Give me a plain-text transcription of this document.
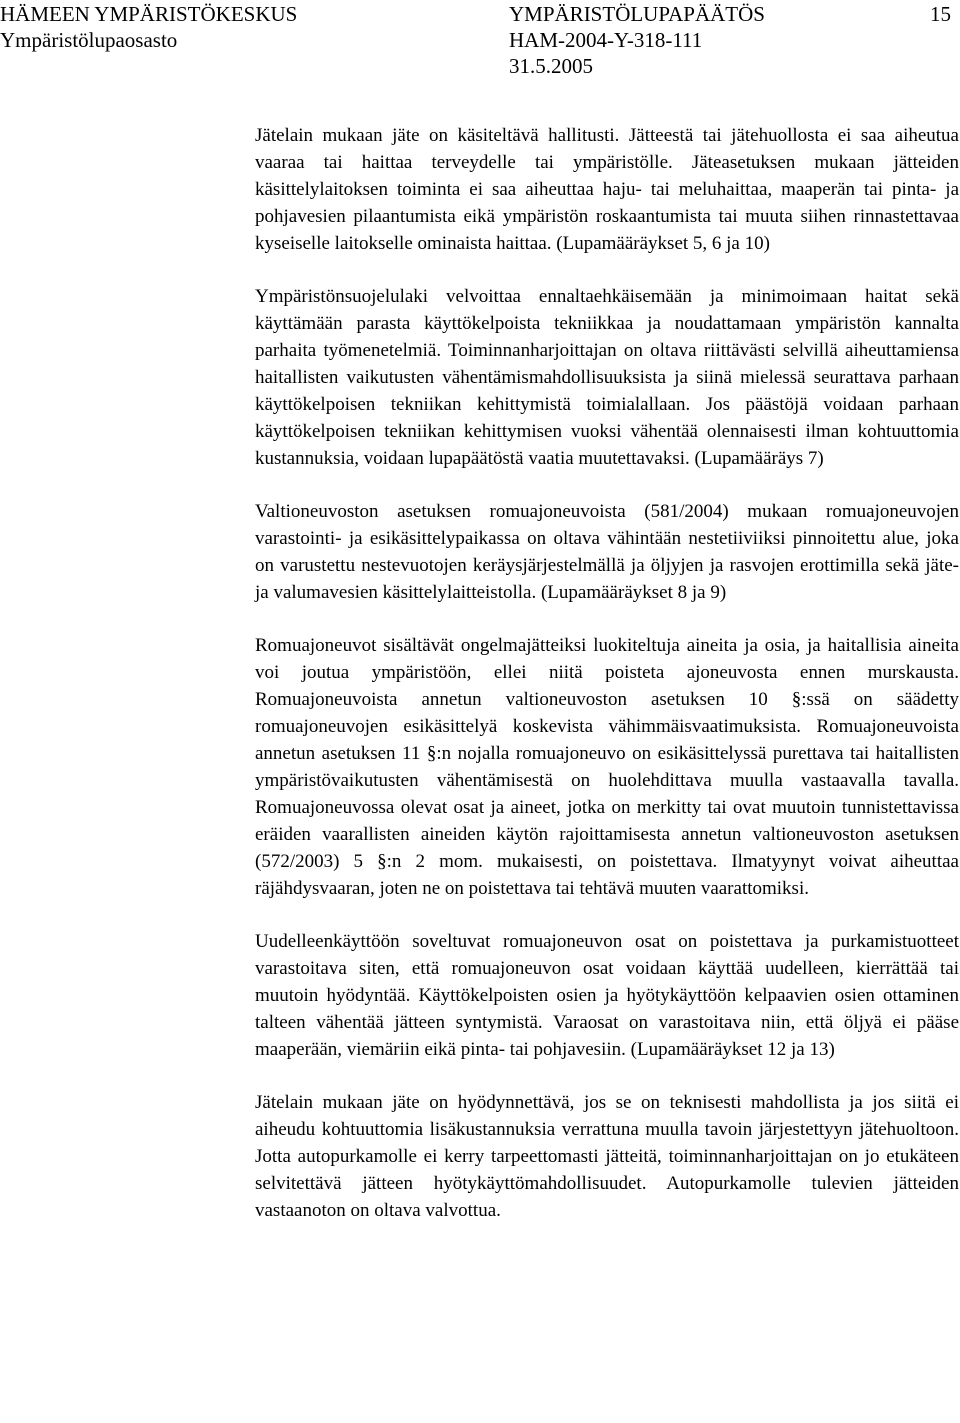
HÄMEEN YMPÄRISTÖKESKUS
Ympäristölupaosasto
YMPÄRISTÖLUPAPÄÄTÖS
HAM-2004-Y-318-111
31.5.2005
15

Jätelain mukaan jäte on käsiteltävä hallitusti. Jätteestä tai jätehuollosta ei saa aiheutua vaaraa tai haittaa terveydelle tai ympäristölle. Jäteasetuksen mukaan jätteiden käsittelylaitoksen toiminta ei saa aiheuttaa haju- tai meluhaittaa, maaperän tai pinta- ja pohjavesien pilaantumista eikä ympäristön roskaantumista tai muuta siihen rinnastettavaa kyseiselle laitokselle ominaista haittaa. (Lupamääräykset 5, 6 ja 10)

Ympäristönsuojelulaki velvoittaa ennaltaehkäisemään ja minimoimaan haitat sekä käyttämään parasta käyttökelpoista tekniikkaa ja noudattamaan ympäristön kannalta parhaita työmenetelmiä. Toiminnanharjoittajan on oltava riittävästi selvillä aiheuttamiensa haitallisten vaikutusten vähentämismahdollisuuksista ja siinä mielessä seurattava parhaan käyttökelpoisen tekniikan kehittymistä toimialallaan. Jos päästöjä voidaan parhaan käyttökelpoisen tekniikan kehittymisen vuoksi vähentää olennaisesti ilman kohtuuttomia kustannuksia, voidaan lupapäätöstä vaatia muutettavaksi. (Lupamääräys 7)

Valtioneuvoston asetuksen romuajoneuvoista (581/2004) mukaan romuajoneuvojen varastointi- ja esikäsittelypaikassa on oltava vähintään nestetiiviiksi pinnoitettu alue, joka on varustettu nestevuotojen keräysjärjestelmällä ja öljyjen ja rasvojen erottimilla sekä jäte- ja valumavesien käsittelylaitteistolla. (Lupamääräykset 8 ja 9)

Romuajoneuvot sisältävät ongelmajätteiksi luokiteltuja aineita ja osia, ja haitallisia aineita voi joutua ympäristöön, ellei niitä poisteta ajoneuvosta ennen murskausta. Romuajoneuvoista annetun valtioneuvoston asetuksen 10 §:ssä on säädetty romuajoneuvojen esikäsittelyä koskevista vähimmäisvaatimuksista. Romuajoneuvoista annetun asetuksen 11 §:n nojalla romuajoneuvo on esikäsittelyssä purettava tai haitallisten ympäristövaikutusten vähentämisestä on huolehdittava muulla vastaavalla tavalla. Romuajoneuvossa olevat osat ja aineet, jotka on merkitty tai ovat muutoin tunnistettavissa eräiden vaarallisten aineiden käytön rajoittamisesta annetun valtioneuvoston asetuksen (572/2003) 5 §:n 2 mom. mukaisesti, on poistettava. Ilmatyynyt voivat aiheuttaa räjähdysvaaran, joten ne on poistettava tai tehtävä muuten vaarattomiksi.

Uudelleenkäyttöön soveltuvat romuajoneuvon osat on poistettava ja purkamistuotteet varastoitava siten, että romuajoneuvon osat voidaan käyttää uudelleen, kierrättää tai muutoin hyödyntää. Käyttökelpoisten osien ja hyötykäyttöön kelpaavien osien ottaminen talteen vähentää jätteen syntymistä. Varaosat on varastoitava niin, että öljyä ei pääse maaperään, viemäriin eikä pinta- tai pohjavesiin. (Lupamääräykset 12 ja 13)

Jätelain mukaan jäte on hyödynnettävä, jos se on teknisesti mahdollista ja jos siitä ei aiheudu kohtuuttomia lisäkustannuksia verrattuna muulla tavoin järjestettyyn jätehuoltoon. Jotta autopurkamolle ei kerry tarpeettomasti jätteitä, toiminnanharjoittajan on jo etukäteen selvitettävä jätteen hyötykäyttömahdollisuudet. Autopurkamolle tulevien jätteiden vastaanoton on oltava valvottua.
